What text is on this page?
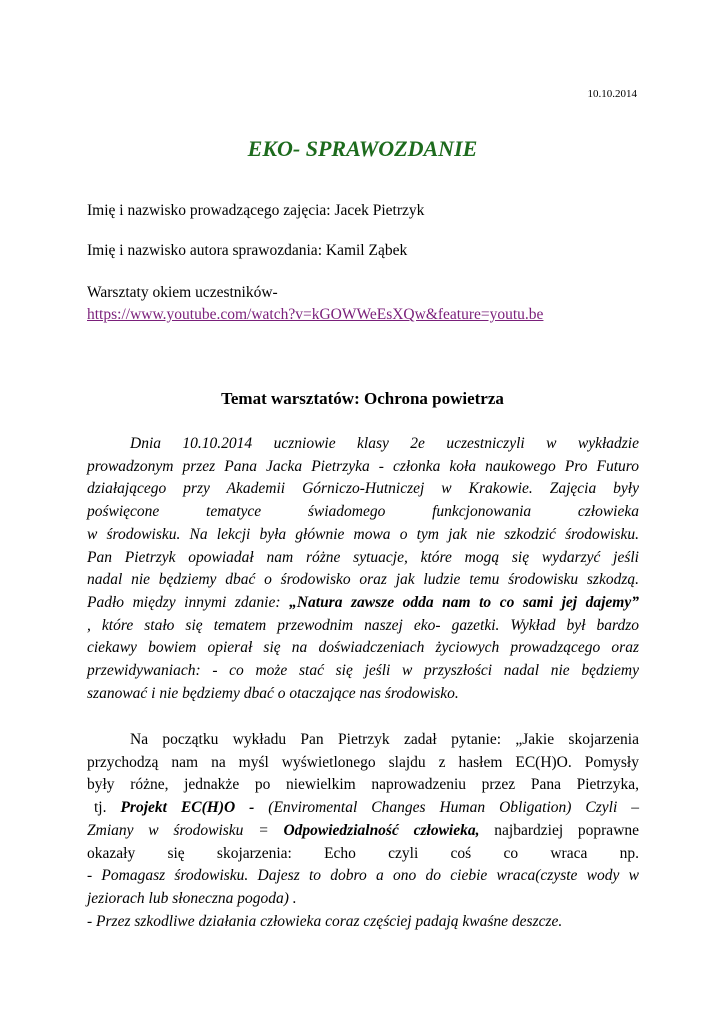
10.10.2014
EKO- SPRAWOZDANIE
Imię i nazwisko prowadzącego zajęcia: Jacek Pietrzyk
Imię i nazwisko autora sprawozdania: Kamil Ząbek
Warsztaty okiem uczestników-
https://www.youtube.com/watch?v=kGOWWeEsXQw&feature=youtu.be
Temat warsztatów: Ochrona powietrza
Dnia 10.10.2014 uczniowie klasy 2e uczestniczyli w wykładzie
prowadzonym przez Pana Jacka Pietrzyka - członka koła naukowego Pro Futuro
działającego przy Akademii Górniczo-Hutniczej w Krakowie. Zajęcia były
poświęcone tematyce świadomego funkcjonowania człowieka
w środowisku. Na lekcji była głównie mowa o tym jak nie szkodzić środowisku.
Pan Pietrzyk opowiadał nam różne sytuacje, które mogą się wydarzyć jeśli
nadal nie będziemy dbać o środowisko oraz jak ludzie temu środowisku szkodzą.
Padło między innymi zdanie: „Natura zawsze odda nam to co sami jej dajemy”
, które stało się tematem przewodnim naszej eko- gazetki. Wykład był bardzo
ciekawy bowiem opierał się na doświadczeniach życiowych prowadzącego oraz
przewidywaniach: - co może stać się jeśli w przyszłości nadal nie będziemy
szanować i nie będziemy dbać o otaczające nas środowisko.
Na początku wykładu Pan Pietrzyk zadał pytanie: „Jakie skojarzenia
przychodzą nam na myśl wyświetlonego slajdu z hasłem EC(H)O. Pomysły
były różne, jednakże po niewielkim naprowadzeniu przez Pana Pietrzyka,
tj. Projekt EC(H)O - (Enviromental Changes Human Obligation) Czyli –
Zmiany w środowisku = Odpowiedzialność człowieka, najbardziej poprawne
okazały się skojarzenia: Echo czyli coś co wraca np.
- Pomagasz środowisku. Dajesz to dobro a ono do ciebie wraca(czyste wody w
jeziorach lub słoneczna pogoda) .
- Przez szkodliwe działania człowieka coraz częściej padają kwaśne deszcze.
